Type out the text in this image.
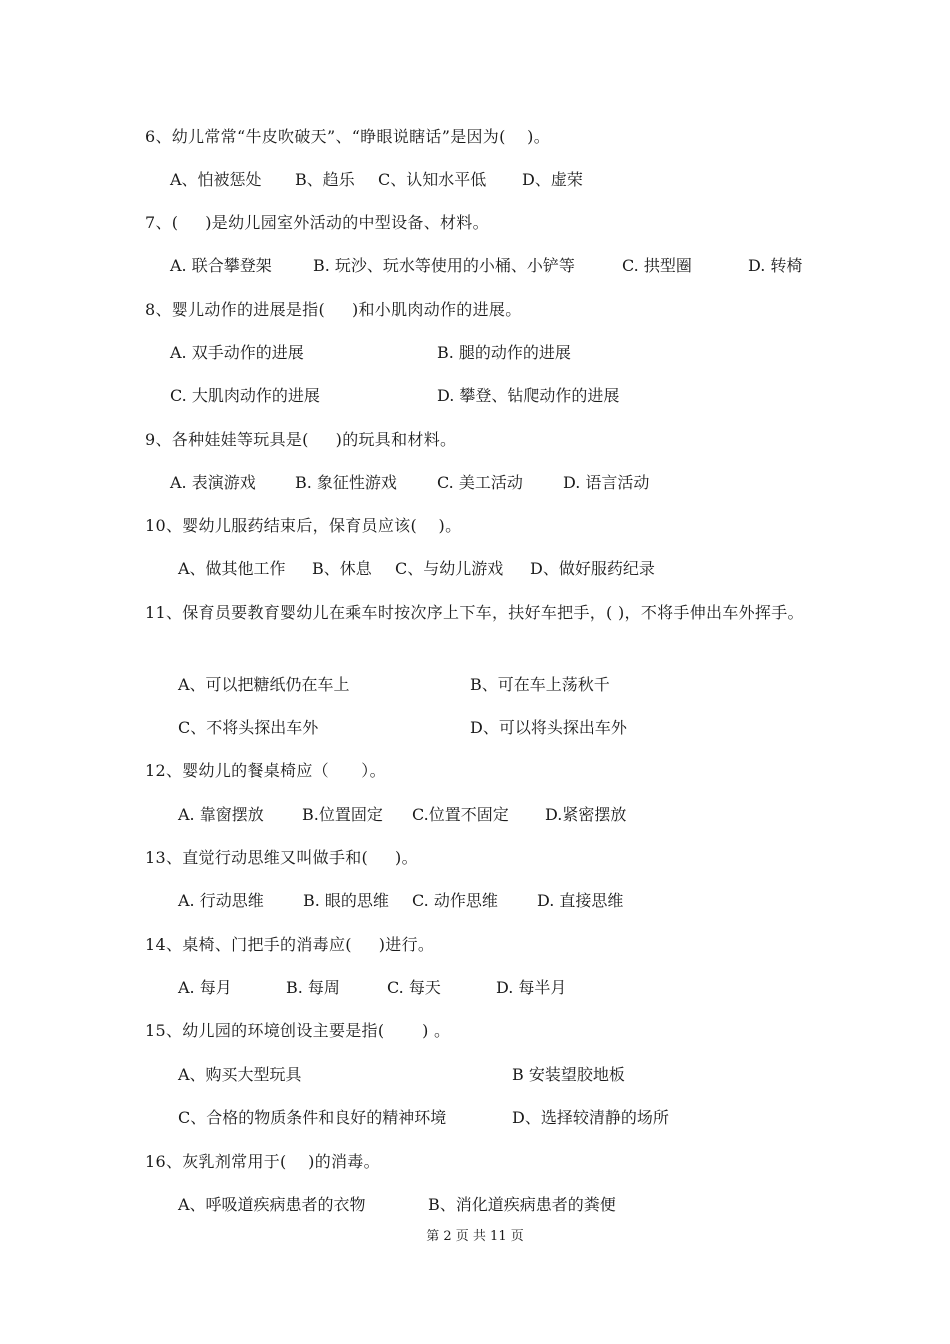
6、幼儿常常“牛皮吹破天”、“睁眼说瞎话”是因为(    )。
A、怕被惩处 B、趋乐 C、认知水平低 D、虚荣
7、(     )是幼儿园室外活动的中型设备、材料。
A. 联合攀登架	B. 玩沙、玩水等使用的小桶、小铲等	C. 拱型圈	D. 转椅
8、婴儿动作的进展是指(     )和小肌肉动作的进展。
A. 双手动作的进展	B. 腿的动作的进展
C. 大肌肉动作的进展	D. 攀登、钻爬动作的进展
9、各种娃娃等玩具是(     )的玩具和材料。
A. 表演游戏 B. 象征性游戏	C. 美工活动	D. 语言活动
10、婴幼儿服药结束后，保育员应该(    )。
A、做其他工作 B、休息 C、与幼儿游戏 D、做好服药纪录
11、保育员要教育婴幼儿在乘车时按次序上下车，扶好车把手，( )，不将手伸出车外挥手。
A、可以把糖纸仍在车上	B、可在车上荡秋千
C、不将头探出车外	D、可以将头探出车外
12、婴幼儿的餐桌椅应（      ）。
A. 靠窗摆放 B.位置固定 C.位置不固定 D.紧密摆放
13、直觉行动思维又叫做手和(     )。
A. 行动思维 B. 眼的思维 C. 动作思维 D. 直接思维
14、桌椅、门把手的消毒应(     )进行。
A. 每月	B. 每周	C. 每天	D. 每半月
15、幼儿园的环境创设主要是指(       ) 。
A、购买大型玩具	B 安装望胶地板
C、合格的物质条件和良好的精神环境	D、选择较清静的场所
16、灰乳剂常用于(    )的消毒。
A、呼吸道疾病患者的衣物	B、消化道疾病患者的粪便
第 2 页 共 11 页
